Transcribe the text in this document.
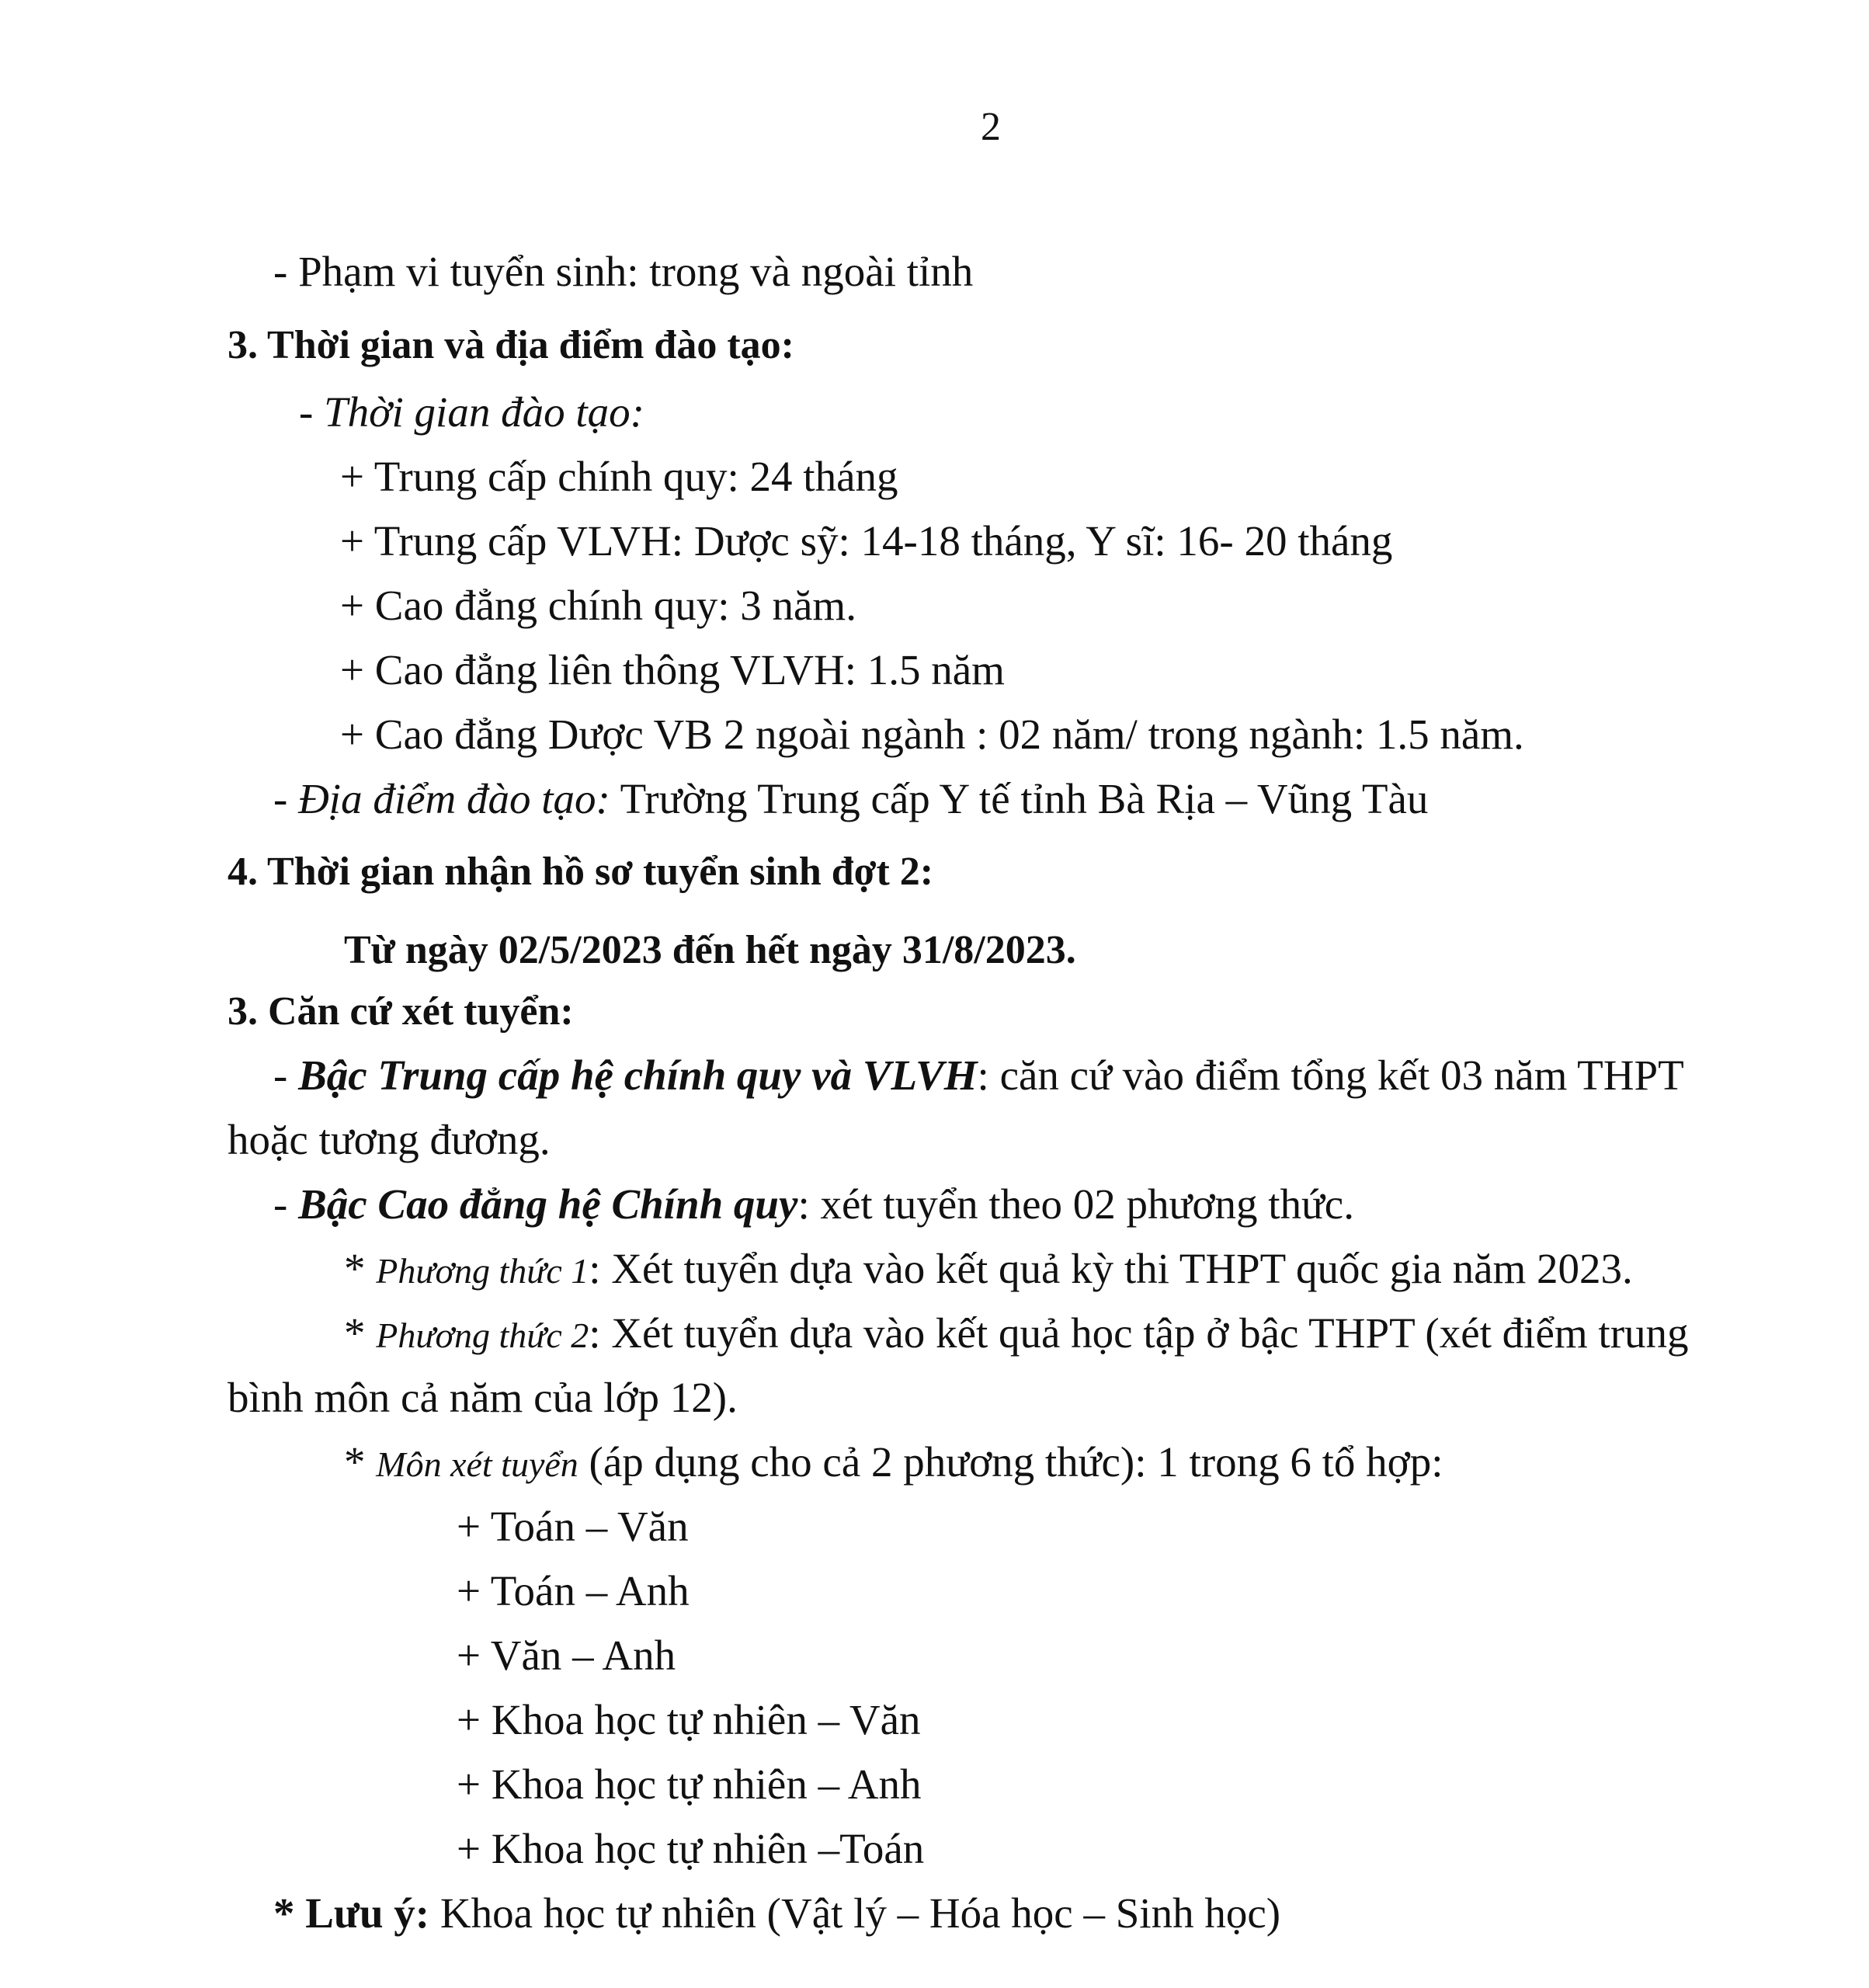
2
- Phạm vi tuyển sinh: trong và ngoài tỉnh
3. Thời gian và địa điểm đào tạo:
- Thời gian đào tạo:
+ Trung cấp chính quy: 24 tháng
+ Trung cấp VLVH: Dược sỹ: 14-18 tháng, Y sĩ: 16- 20 tháng
+ Cao đẳng chính quy: 3 năm.
+ Cao đẳng liên thông VLVH: 1.5 năm
+ Cao đẳng Dược VB 2 ngoài ngành : 02 năm/ trong ngành: 1.5 năm.
- Địa điểm đào tạo: Trường Trung cấp Y tế tỉnh Bà Rịa – Vũng Tàu
4. Thời gian nhận hồ sơ tuyển sinh đợt 2:
Từ ngày 02/5/2023 đến hết ngày 31/8/2023.
3. Căn cứ xét tuyển:
- Bậc Trung cấp hệ chính quy và VLVH: căn cứ vào điểm tổng kết 03 năm THPT
hoặc tương đương.
- Bậc Cao đẳng hệ Chính quy: xét tuyển theo 02 phương thức.
* Phương thức 1: Xét tuyển dựa vào kết quả kỳ thi THPT quốc gia năm 2023.
* Phương thức 2: Xét tuyển dựa vào kết quả học tập ở bậc THPT (xét điểm trung
bình môn cả năm của lớp 12).
* Môn xét tuyển (áp dụng cho cả 2 phương thức): 1 trong 6 tổ hợp:
+ Toán – Văn
+ Toán – Anh
+ Văn – Anh
+ Khoa học tự nhiên – Văn
+ Khoa học tự nhiên – Anh
+ Khoa học tự nhiên –Toán
* Lưu ý: Khoa học tự nhiên (Vật lý – Hóa học – Sinh học)
